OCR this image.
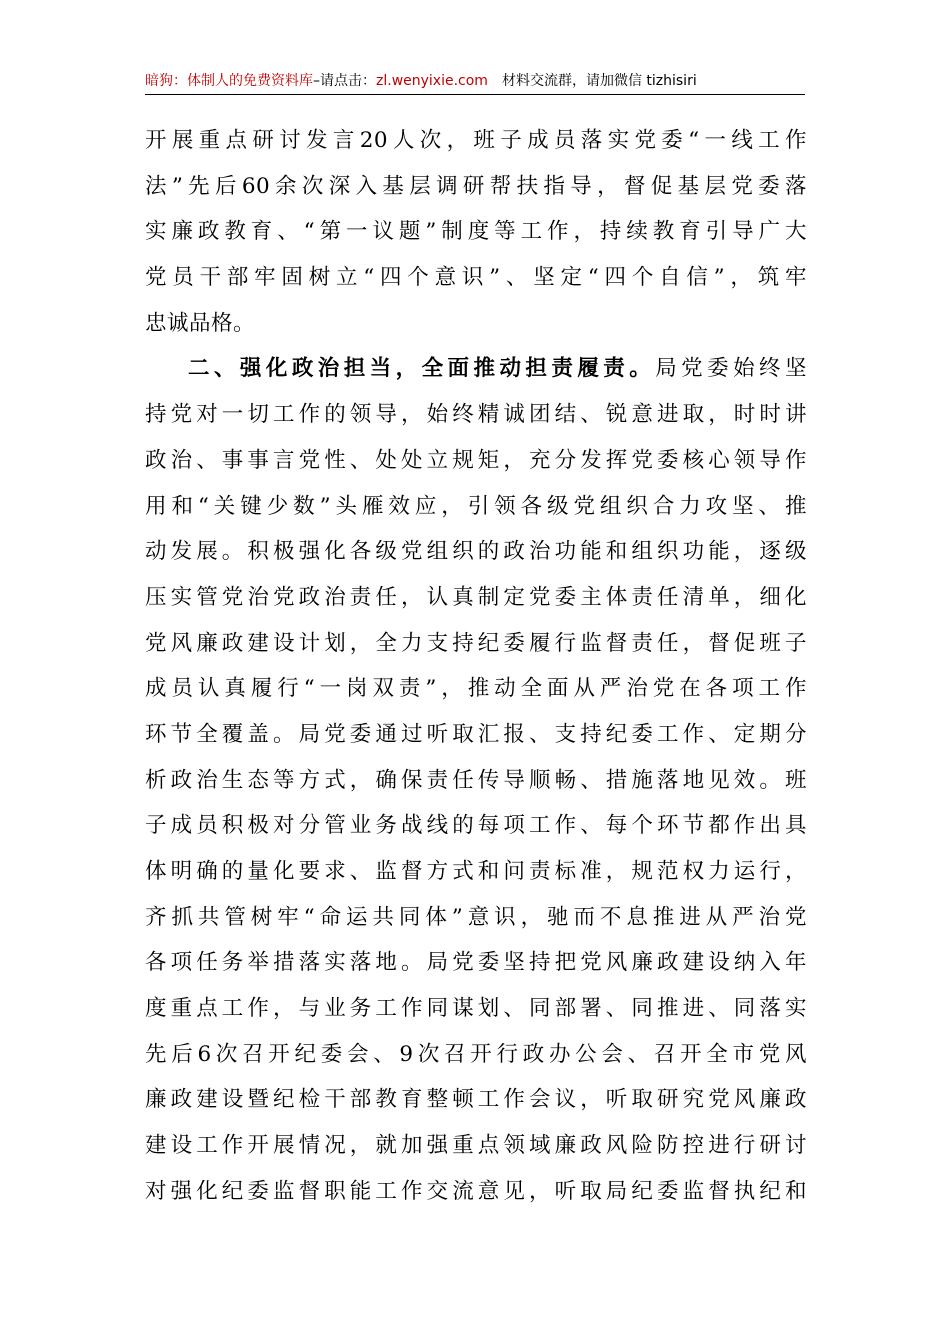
暗狗：体制人的免费资料库–请点击：zl.wenyixie.com 材料交流群，请加微信 tizhisiri
开展重点研讨发言20人次，班子成员落实党委“一线工作
法”先后60余次深入基层调研帮扶指导，督促基层党委落
实廉政教育、“第一议题”制度等工作，持续教育引导广大
党员干部牢固树立“四个意识”、坚定“四个自信”，筑牢
忠诚品格。
二、强化政治担当，全面推动担责履责。局党委始终坚
持党对一切工作的领导，始终精诚团结、锐意进取，时时讲
政治、事事言党性、处处立规矩，充分发挥党委核心领导作
用和“关键少数”头雁效应，引领各级党组织合力攻坚、推
动发展。积极强化各级党组织的政治功能和组织功能，逐级
压实管党治党政治责任，认真制定党委主体责任清单，细化
党风廉政建设计划，全力支持纪委履行监督责任，督促班子
成员认真履行“一岗双责”，推动全面从严治党在各项工作
环节全覆盖。局党委通过听取汇报、支持纪委工作、定期分
析政治生态等方式，确保责任传导顺畅、措施落地见效。班
子成员积极对分管业务战线的每项工作、每个环节都作出具
体明确的量化要求、监督方式和问责标准，规范权力运行，
齐抓共管树牢“命运共同体”意识，驰而不息推进从严治党
各项任务举措落实落地。局党委坚持把党风廉政建设纳入年
度重点工作，与业务工作同谋划、同部署、同推进、同落实
先后6次召开纪委会、9次召开行政办公会、召开全市党风
廉政建设暨纪检干部教育整顿工作会议，听取研究党风廉政
建设工作开展情况，就加强重点领域廉政风险防控进行研讨
对强化纪委监督职能工作交流意见，听取局纪委监督执纪和
